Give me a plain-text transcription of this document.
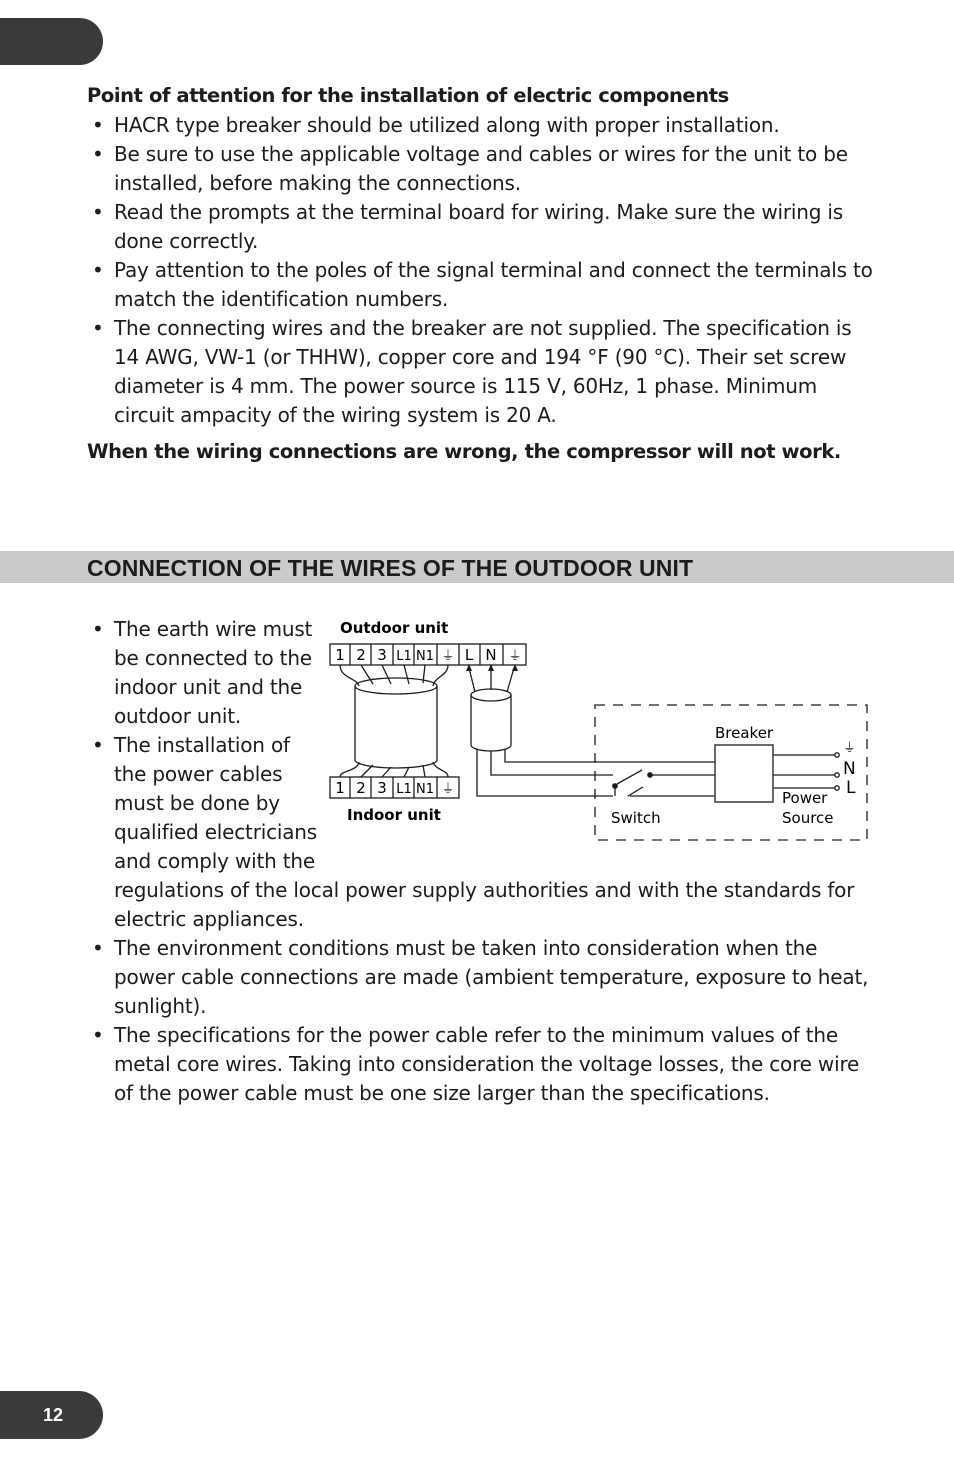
Point of attention for the installation of electric components
• HACR type breaker should be utilized along with proper installation.
• Be sure to use the applicable voltage and cables or wires for the unit to be installed, before making the connections.
• Read the prompts at the terminal board for wiring. Make sure the wiring is done correctly.
• Pay attention to the poles of the signal terminal and connect the terminals to match the identification numbers.
• The connecting wires and the breaker are not supplied. The specification is 14 AWG, VW-1 (or THHW), copper core and 194 °F (90 °C). Their set screw diameter is 4 mm. The power source is 115 V, 60Hz, 1 phase. Minimum circuit ampacity of the wiring system is 20 A.
When the wiring connections are wrong, the compressor will not work.
CONNECTION OF THE WIRES OF THE OUTDOOR UNIT
• The earth wire must be connected to the indoor unit and the outdoor unit.
• The installation of the power cables must be done by qualified electricians and comply with the
regulations of the local power supply authorities and with the standards for electric appliances.
• The environment conditions must be taken into consideration when the power cable connections are made (ambient temperature, exposure to heat, sunlight).
• The specifications for the power cable refer to the minimum values of the metal core wires. Taking into consideration the voltage losses, the core wire of the power cable must be one size larger than the specifications.
Outdoor unit
Indoor unit
Breaker
Switch
Power
Source
⏚
N
L
1 2 3 L1 N1 ⏚ L N ⏚
1 2 3 L1 N1 ⏚
12
